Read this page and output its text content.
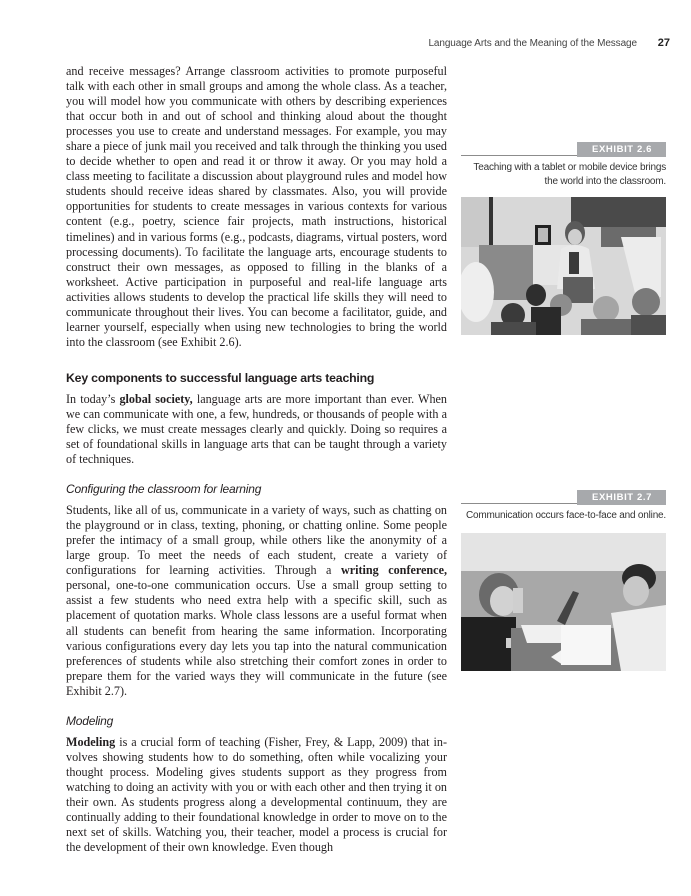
Language Arts and the Meaning of the Message 27

and receive messages? Arrange classroom activities to promote purposeful talk with each other in small groups and among the whole class. As a teacher, you will model how you communicate with others by describing experiences that occur both in and out of school and thinking aloud about the thought processes you use to create and understand messages. For example, you may share a piece of junk mail you received and talk through the thinking you used to decide whether to open and read it or throw it away. Or you may hold a class meeting to facilitate a discussion about playground rules and model how students should receive ideas shared by classmates. Also, you will provide opportunities for students to create messages in various contexts for various content (e.g., poetry, science fair projects, math instructions, historical timelines) and in various forms (e.g., podcasts, diagrams, virtual posters, word processing documents). To facilitate the language arts, encourage students to construct their own messages, as opposed to filling in the blanks of a worksheet. Active participation in purposeful and real-life language arts activities allows students to develop the practical life skills they will need to communicate throughout their lives. You can become a facilitator, guide, and learner yourself, especially when using new technologies to bring the world into the classroom (see Exhibit 2.6).

Key components to successful language arts teaching

In today’s global society, language arts are more important than ever. When we can communicate with one, a few, hundreds, or thousands of people with a few clicks, we must create messages clearly and quickly. Doing so requires a set of foundational skills in language arts that can be taught through a variety of techniques.

Configuring the classroom for learning

Students, like all of us, communicate in a variety of ways, such as chatting on the playground or in class, texting, phoning, or chatting online. Some people prefer the intimacy of a small group, while others like the anonymity of a large group. To meet the needs of each student, create a variety of configurations for learning activities. Through a writing conference, personal, one-to-one communication occurs. Use a small group setting to assist a few students who need extra help with a specific skill, such as placement of quotation marks. Whole class lessons are a useful format when all students can benefit from hearing the same information. Incorporating various configurations every day lets you tap into the natural communication preferences of students while also stretching their comfort zones in order to prepare them for the varied ways they will communicate in the future (see Exhibit 2.7).

Modeling

Modeling is a crucial form of teaching (Fisher, Frey, & Lapp, 2009) that involves showing students how to do something, often while vocalizing your thought process. Modeling gives students support as they progress from watching to doing an activity with you or with each other and then trying it on their own. As students progress along a developmental continuum, they are continually adding to their foundational knowledge in order to move on to the next set of skills. Watching you, their teacher, model a process is crucial for the development of their own knowledge. Even though

EXHIBIT 2.6
Teaching with a tablet or mobile device brings the world into the classroom.
EXHIBIT 2.7
Communication occurs face-to-face and online.
